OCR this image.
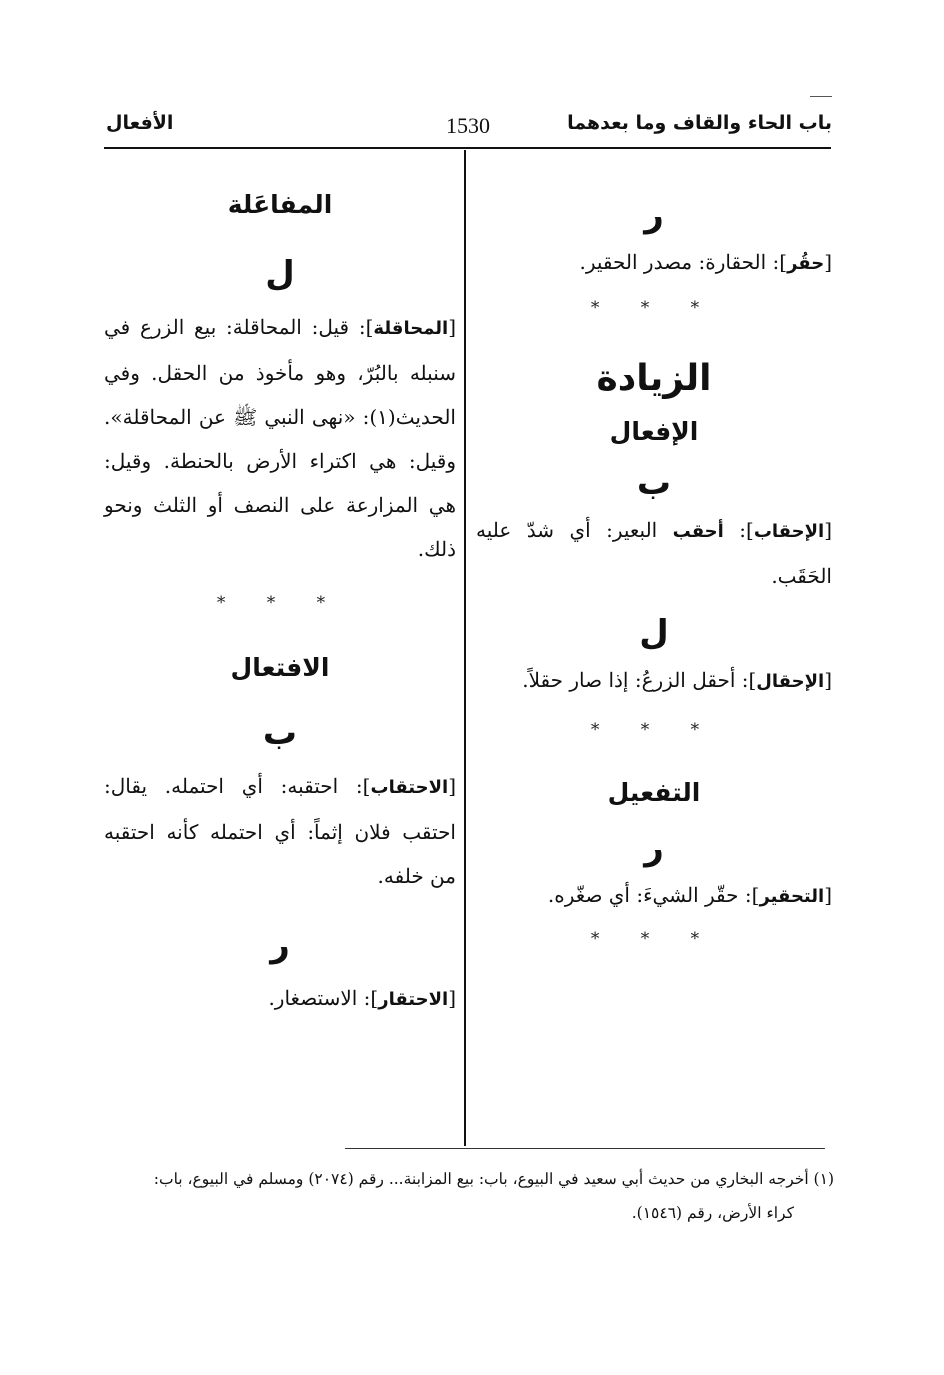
باب الحاء والقاف وما بعدهما
1530
الأفعال
ر
[حقُر]: الحقارة: مصدر الحقير.
* * *
الزيادة
الإفعال
ب
[الإحقاب]: أحقب البعير: أي شدّ عليه الحَقَب.
ل
[الإحقال]: أحقل الزرعُ: إذا صار حقلاً.
* * *
التفعيل
ر
[التحقير]: حقّر الشيءَ: أي صغّره.
* * *
المفاعَلة
ل
[المحاقلة]: قيل: المحاقلة: بيع الزرع في سنبله بالبُرّ، وهو مأخوذ من الحقل. وفي الحديث(١): «نهى النبي ﷺ عن المحاقلة». وقيل: هي اكتراء الأرض بالحنطة. وقيل: هي المزارعة على النصف أو الثلث ونحو ذلك.
* * *
الافتعال
ب
[الاحتقاب]: احتقبه: أي احتمله. يقال: احتقب فلان إثماً: أي احتمله كأنه احتقبه من خلفه.
ر
[الاحتقار]: الاستصغار.
(١) أخرجه البخاري من حديث أبي سعيد في البيوع، باب: بيع المزابنة... رقم (٢٠٧٤) ومسلم في البيوع، باب:
كراء الأرض، رقم (١٥٤٦).
